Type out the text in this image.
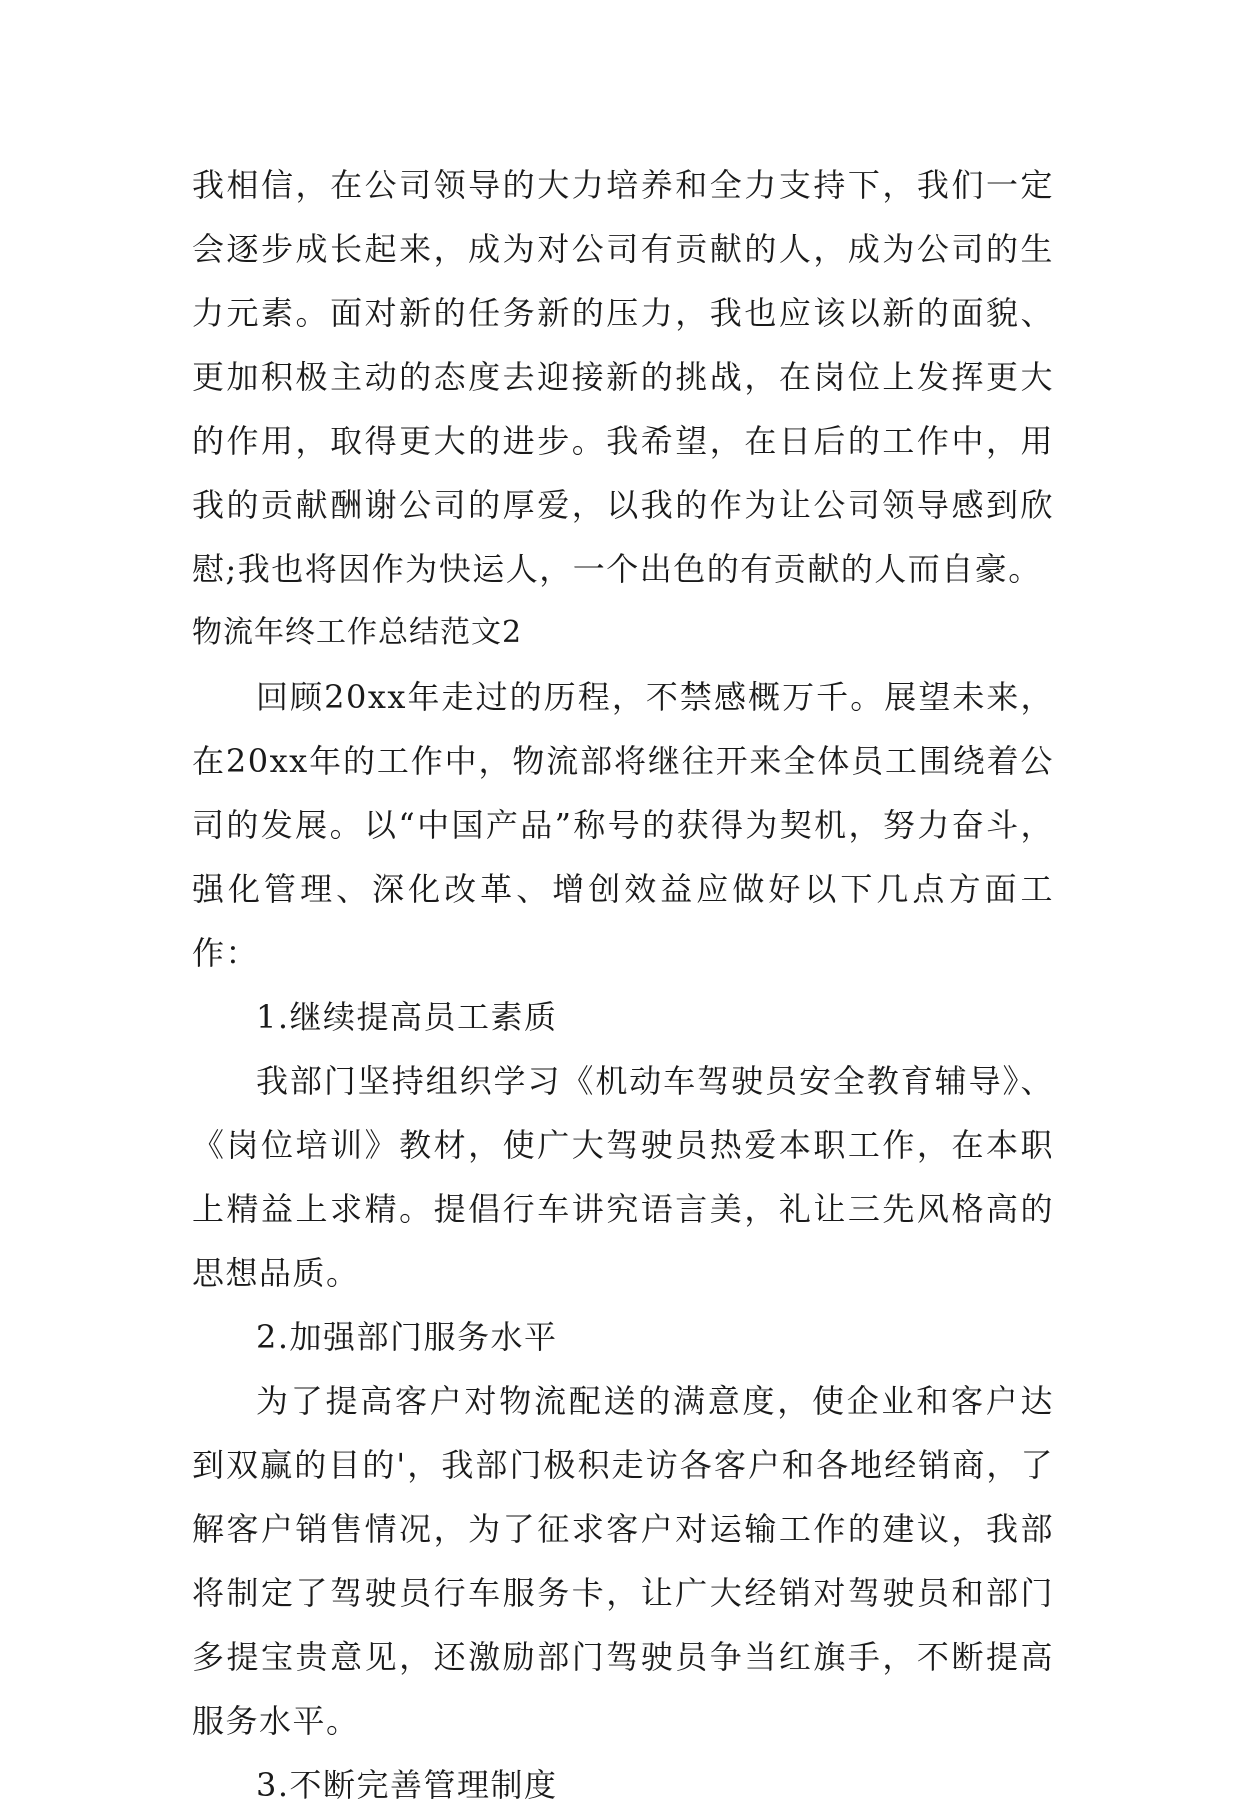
我相信，在公司领导的大力培养和全力支持下，我们一定会逐步成长起来，成为对公司有贡献的人，成为公司的生力元素。面对新的任务新的压力，我也应该以新的面貌、更加积极主动的态度去迎接新的挑战，在岗位上发挥更大的作用，取得更大的进步。我希望，在日后的工作中，用我的贡献酬谢公司的厚爱，以我的作为让公司领导感到欣慰;我也将因作为快运人，一个出色的有贡献的人而自豪。

物流年终工作总结范文2

回顾20xx年走过的历程，不禁感概万千。展望未来，在20xx年的工作中，物流部将继往开来全体员工围绕着公司的发展。以“中国产品”称号的获得为契机，努力奋斗，强化管理、深化改革、增创效益应做好以下几点方面工作：

1.继续提高员工素质

我部门坚持组织学习《机动车驾驶员安全教育辅导》、《岗位培训》教材，使广大驾驶员热爱本职工作，在本职上精益上求精。提倡行车讲究语言美，礼让三先风格高的思想品质。

2.加强部门服务水平

为了提高客户对物流配送的满意度，使企业和客户达到双赢的目的'，我部门极积走访各客户和各地经销商，了解客户销售情况，为了征求客户对运输工作的建议，我部将制定了驾驶员行车服务卡，让广大经销对驾驶员和部门多提宝贵意见，还激励部门驾驶员争当红旗手，不断提高服务水平。

3.不断完善管理制度
